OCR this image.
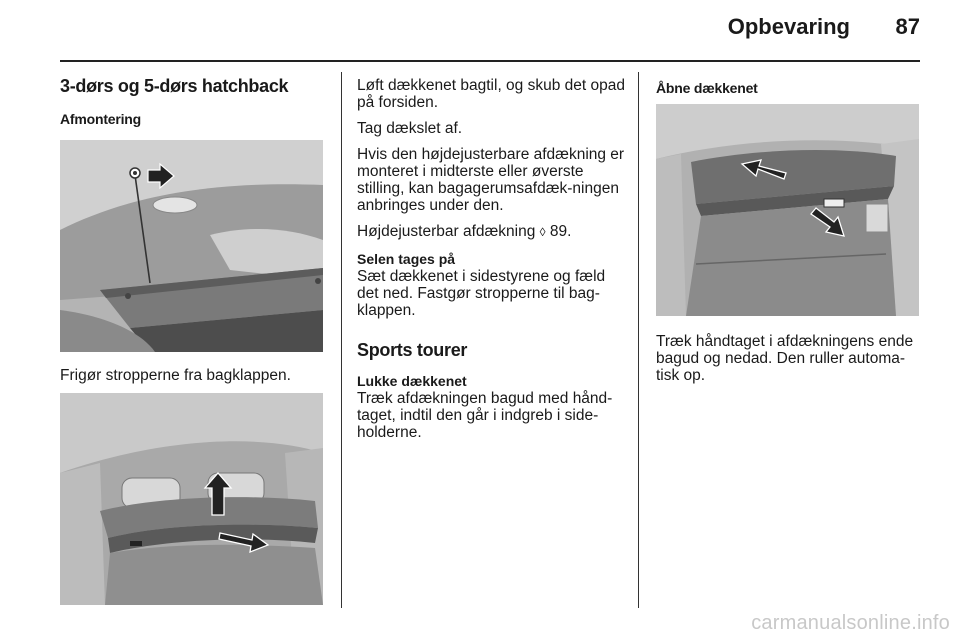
Opbevaring	87
3-dørs og 5-dørs hatchback
Afmontering
Frigør stropperne fra bagklappen.

Løft dækkenet bagtil, og skub det opad på forsiden.

Tag dækslet af.

Hvis den højdejusterbare afdækning er monteret i midterste eller øverste stilling, kan bagagerumsafdæk-ningen anbringes under den.

Højdejusterbar afdækning ◊ 89.

Selen tages på
Sæt dækkenet i sidestyrene og fæld det ned. Fastgør stropperne til bag-klappen.
Sports tourer
Lukke dækkenet
Træk afdækningen bagud med hånd-taget, indtil den går i indgreb i side-holderne.
Åbne dækkenet
Træk håndtaget i afdækningens ende bagud og nedad. Den ruller automa-tisk op.
carmanualsonline.info
